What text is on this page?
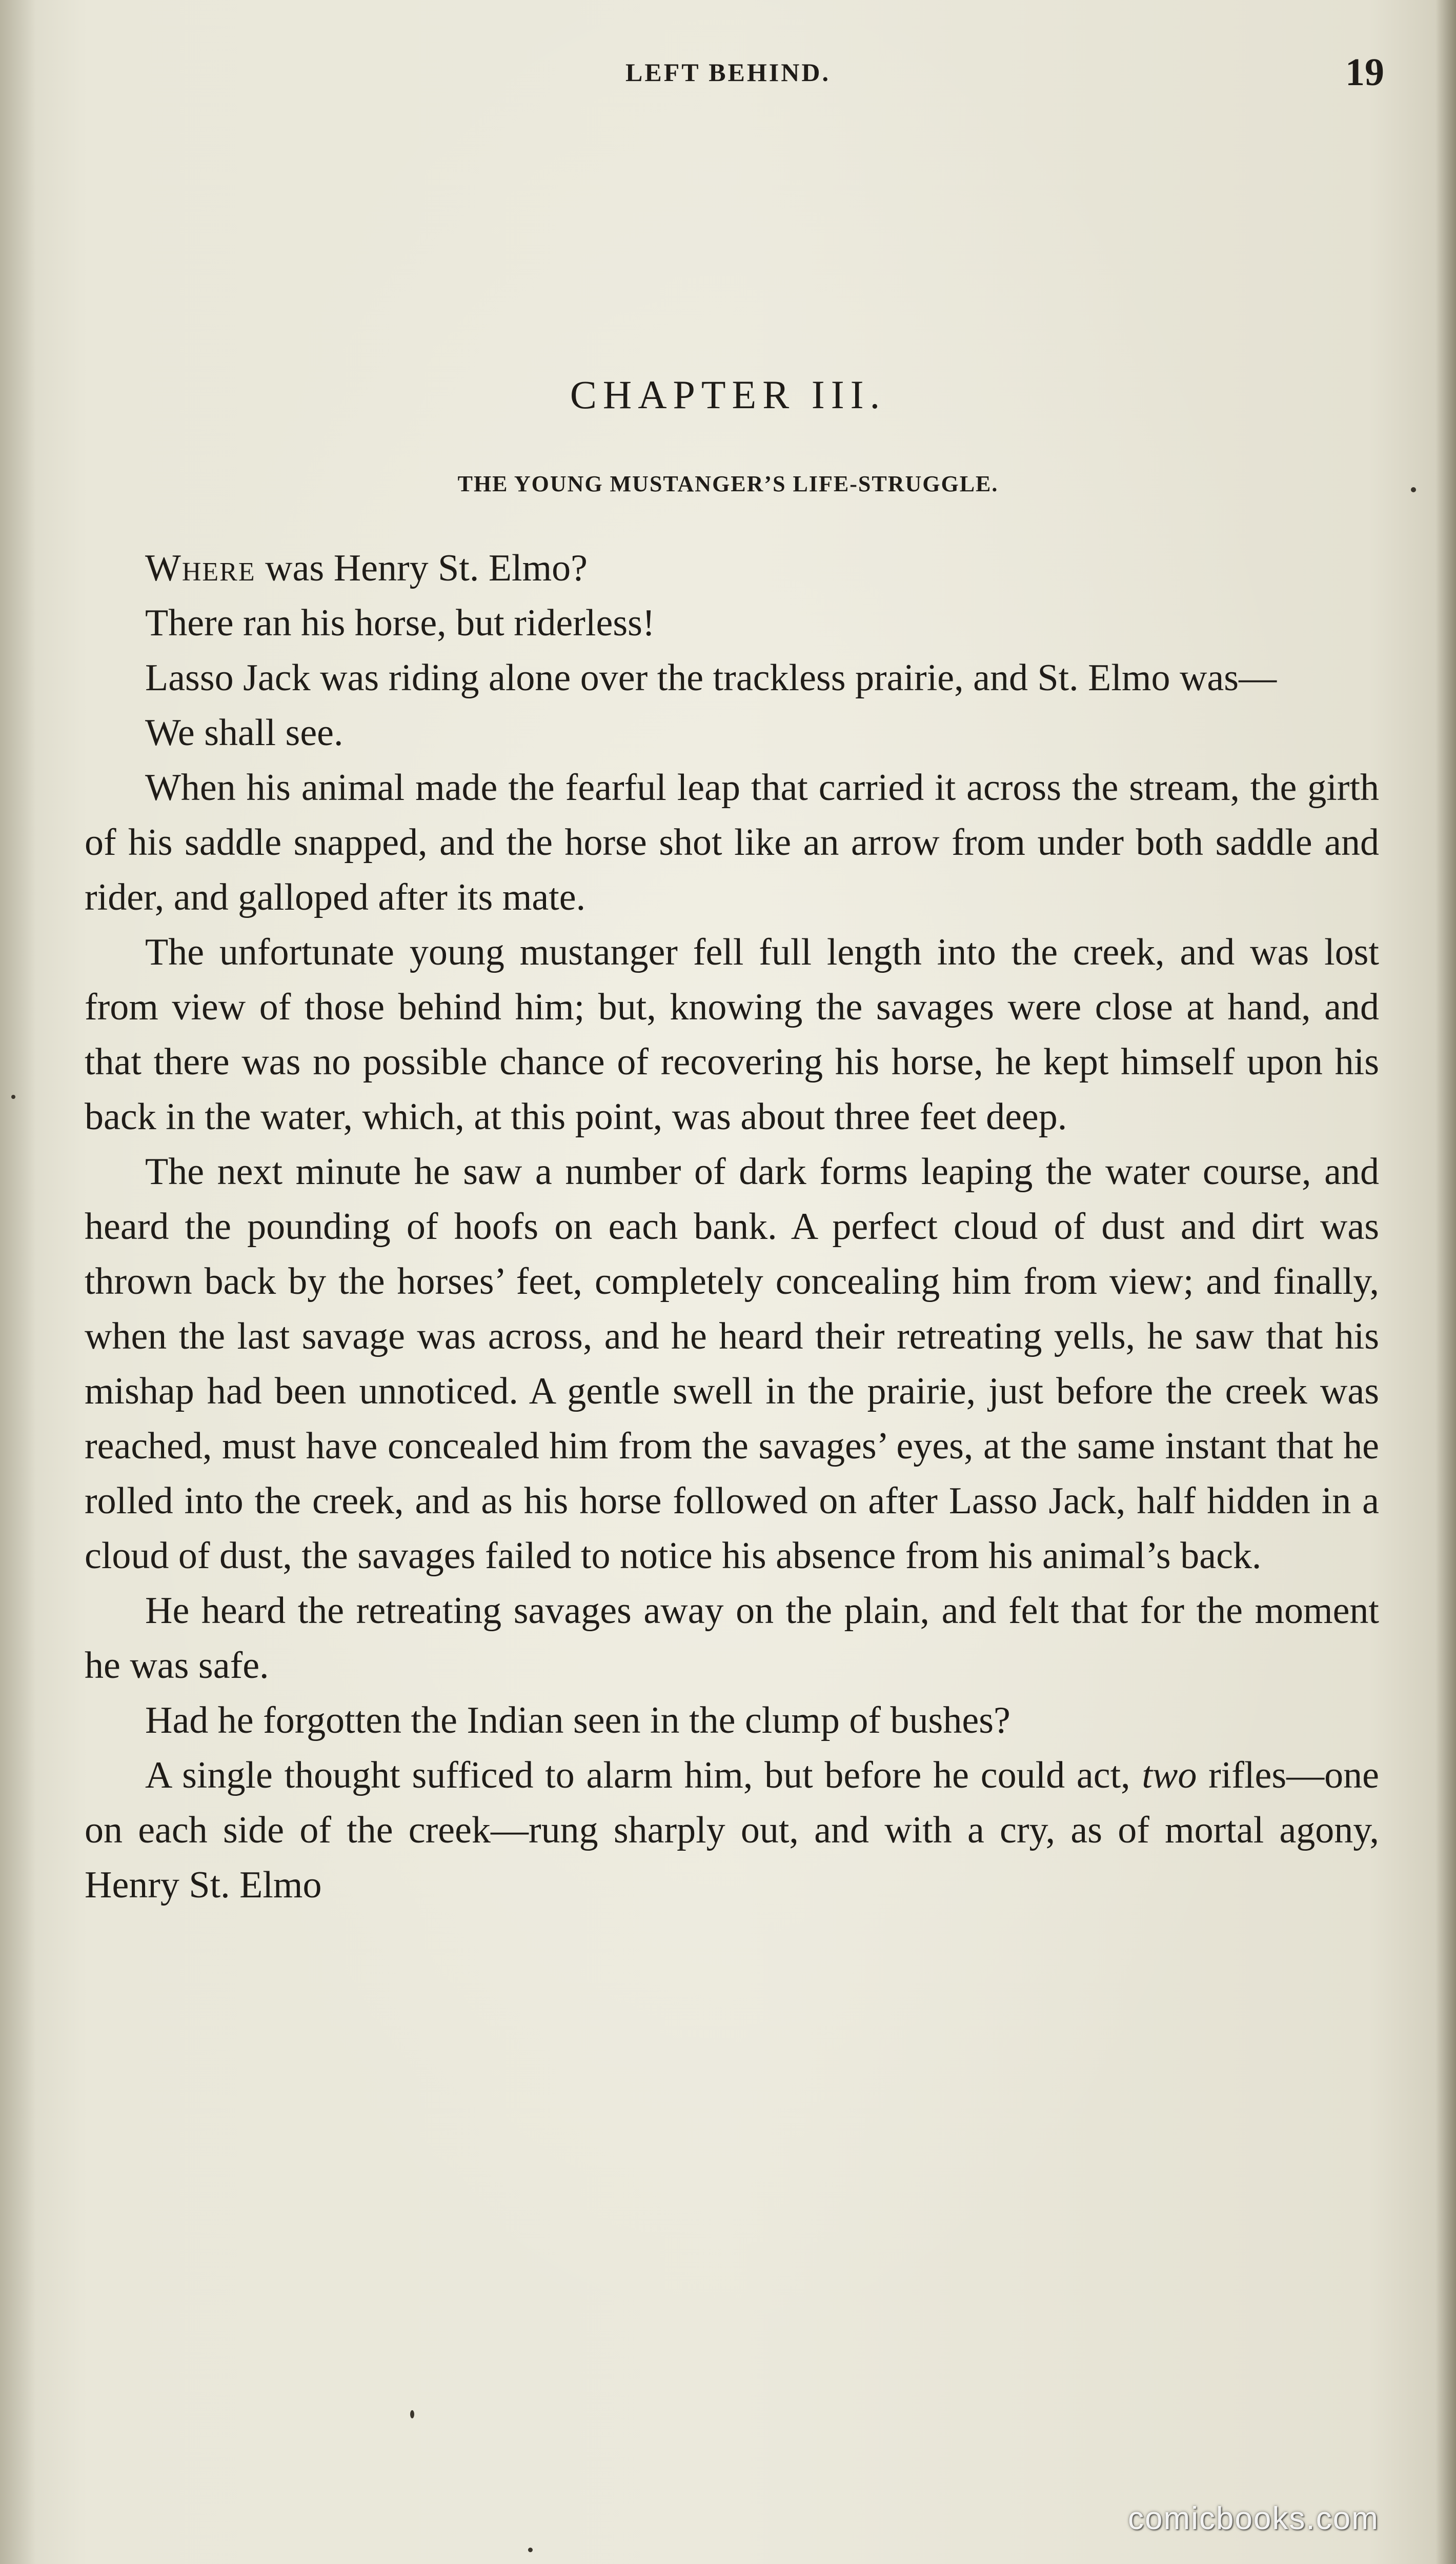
LEFT BEHIND.	19
CHAPTER III.
THE YOUNG MUSTANGER’S LIFE-STRUGGLE.

Where was Henry St. Elmo?

There ran his horse, but riderless!

Lasso Jack was riding alone over the trackless prairie, and St. Elmo was—

We shall see.

When his animal made the fearful leap that carried it across the stream, the girth of his saddle snapped, and the horse shot like an arrow from under both saddle and rider, and galloped after its mate.

The unfortunate young mustanger fell full length into the creek, and was lost from view of those behind him; but, knowing the savages were close at hand, and that there was no possible chance of recovering his horse, he kept himself upon his back in the water, which, at this point, was about three feet deep.

The next minute he saw a number of dark forms leaping the water course, and heard the pounding of hoofs on each bank. A perfect cloud of dust and dirt was thrown back by the horses’ feet, completely concealing him from view; and finally, when the last savage was across, and he heard their retreating yells, he saw that his mishap had been unnoticed. A gentle swell in the prairie, just before the creek was reached, must have concealed him from the savages’ eyes, at the same instant that he rolled into the creek, and as his horse followed on after Lasso Jack, half hidden in a cloud of dust, the savages failed to notice his absence from his animal’s back.

He heard the retreating savages away on the plain, and felt that for the moment he was safe.

Had he forgotten the Indian seen in the clump of bushes?

A single thought sufficed to alarm him, but before he could act, two rifles—one on each side of the creek—rung sharply out, and with a cry, as of mortal agony, Henry St. Elmo

comicbooks.com
